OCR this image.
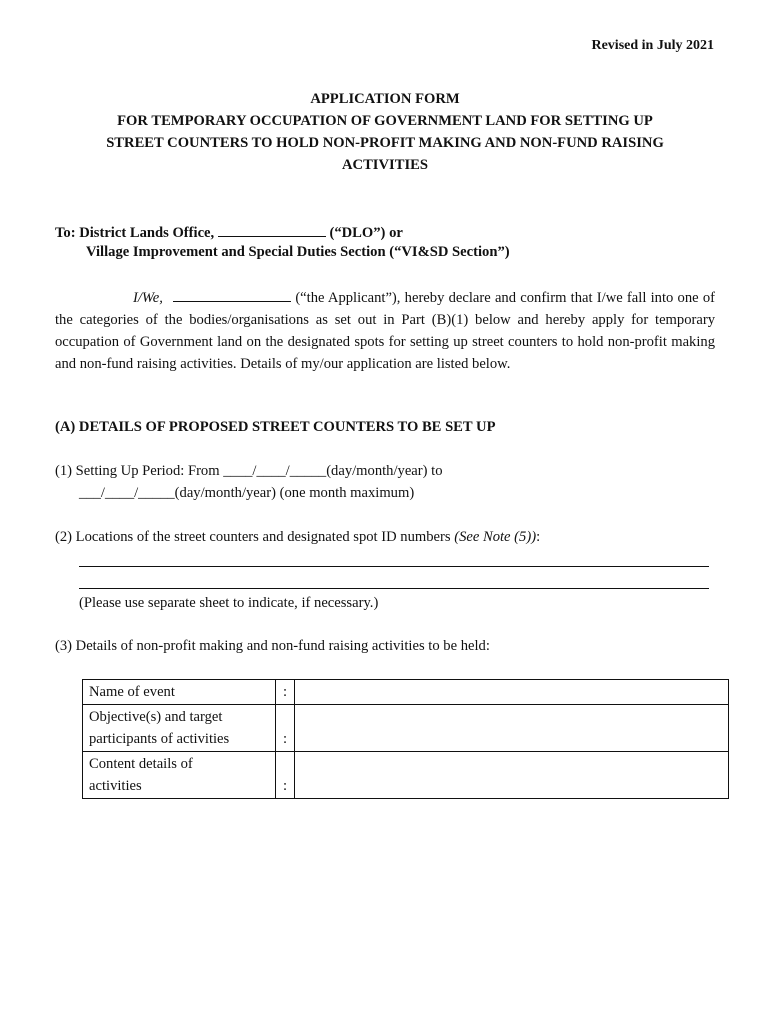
Revised in July 2021
APPLICATION FORM
FOR TEMPORARY OCCUPATION OF GOVERNMENT LAND FOR SETTING UP
STREET COUNTERS TO HOLD NON-PROFIT MAKING AND NON-FUND RAISING
ACTIVITIES
To: District Lands Office,	(“DLO”) or
Village Improvement and Special Duties Section (“VI&SD Section”)
I/We,	(“the Applicant”), hereby declare and confirm that I/we fall into one of the categories of the bodies/organisations as set out in Part (B)(1) below and hereby apply for temporary occupation of Government land on the designated spots for setting up street counters to hold non-profit making and non-fund raising activities. Details of my/our application are listed below.
(A) DETAILS OF PROPOSED STREET COUNTERS TO BE SET UP
(1) Setting Up Period: From ____/____/_____(day/month/year) to
___/____/_____(day/month/year) (one month maximum)
(2) Locations of the street counters and designated spot ID numbers (See Note (5)):
(Please use separate sheet to indicate, if necessary.)
(3) Details of non-profit making and non-fund raising activities to be held:
Name of event	:	

Objective(s) and target
participants of activities	:	

Content details of
activities	:	
